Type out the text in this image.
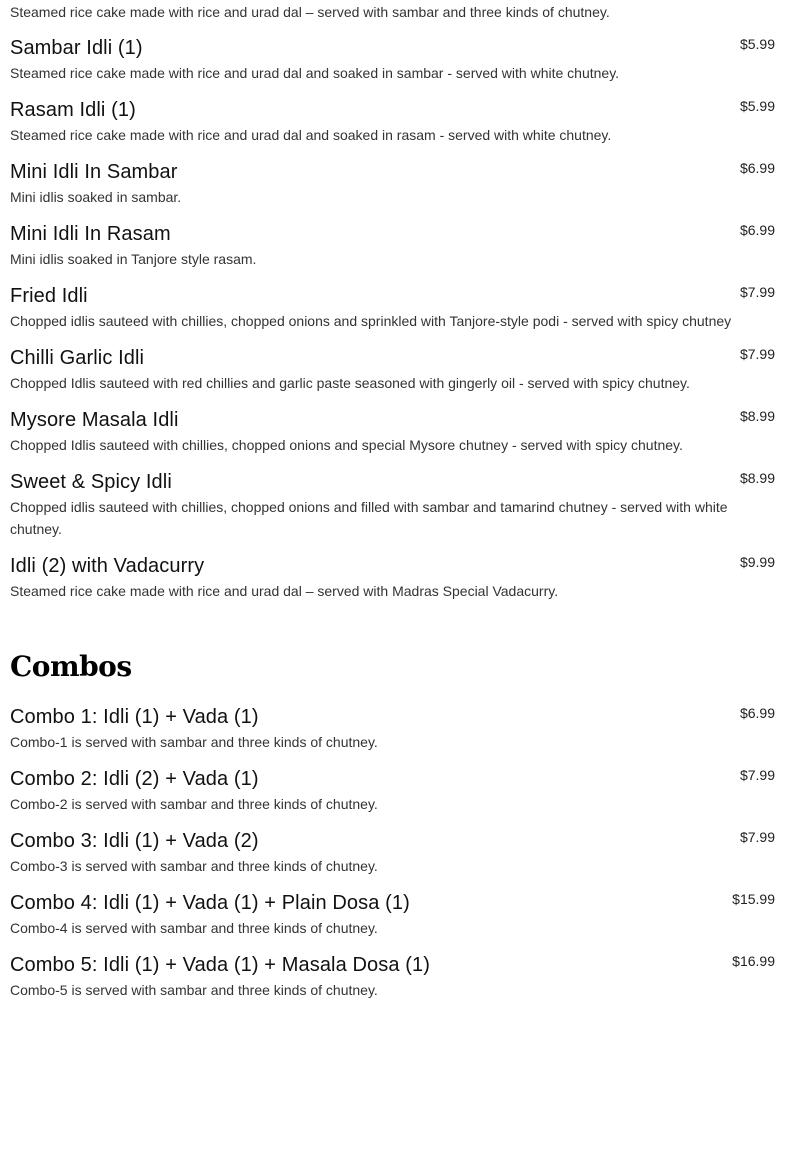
Steamed rice cake made with rice and urad dal – served with sambar and three kinds of chutney.
Sambar Idli (1)	$5.99
Steamed rice cake made with rice and urad dal and soaked in sambar - served with white chutney.
Rasam Idli (1)	$5.99
Steamed rice cake made with rice and urad dal and soaked in rasam - served with white chutney.
Mini Idli In Sambar	$6.99
Mini idlis soaked in sambar.
Mini Idli In Rasam	$6.99
Mini idlis soaked in Tanjore style rasam.
Fried Idli	$7.99
Chopped idlis sauteed with chillies, chopped onions and sprinkled with Tanjore-style podi - served with spicy chutney
Chilli Garlic Idli	$7.99
Chopped Idlis sauteed with red chillies and garlic paste seasoned with gingerly oil - served with spicy chutney.
Mysore Masala Idli	$8.99
Chopped Idlis sauteed with chillies, chopped onions and special Mysore chutney - served with spicy chutney.
Sweet & Spicy Idli	$8.99
Chopped idlis sauteed with chillies, chopped onions and filled with sambar and tamarind chutney - served with white chutney.
Idli (2) with Vadacurry	$9.99
Steamed rice cake made with rice and urad dal – served with Madras Special Vadacurry.
Combos
Combo 1: Idli (1) + Vada (1)	$6.99
Combo-1 is served with sambar and three kinds of chutney.
Combo 2: Idli (2) + Vada (1)	$7.99
Combo-2 is served with sambar and three kinds of chutney.
Combo 3: Idli (1) + Vada (2)	$7.99
Combo-3 is served with sambar and three kinds of chutney.
Combo 4: Idli (1) + Vada (1) + Plain Dosa (1)	$15.99
Combo-4 is served with sambar and three kinds of chutney.
Combo 5: Idli (1) + Vada (1) + Masala Dosa (1)	$16.99
Combo-5 is served with sambar and three kinds of chutney.
